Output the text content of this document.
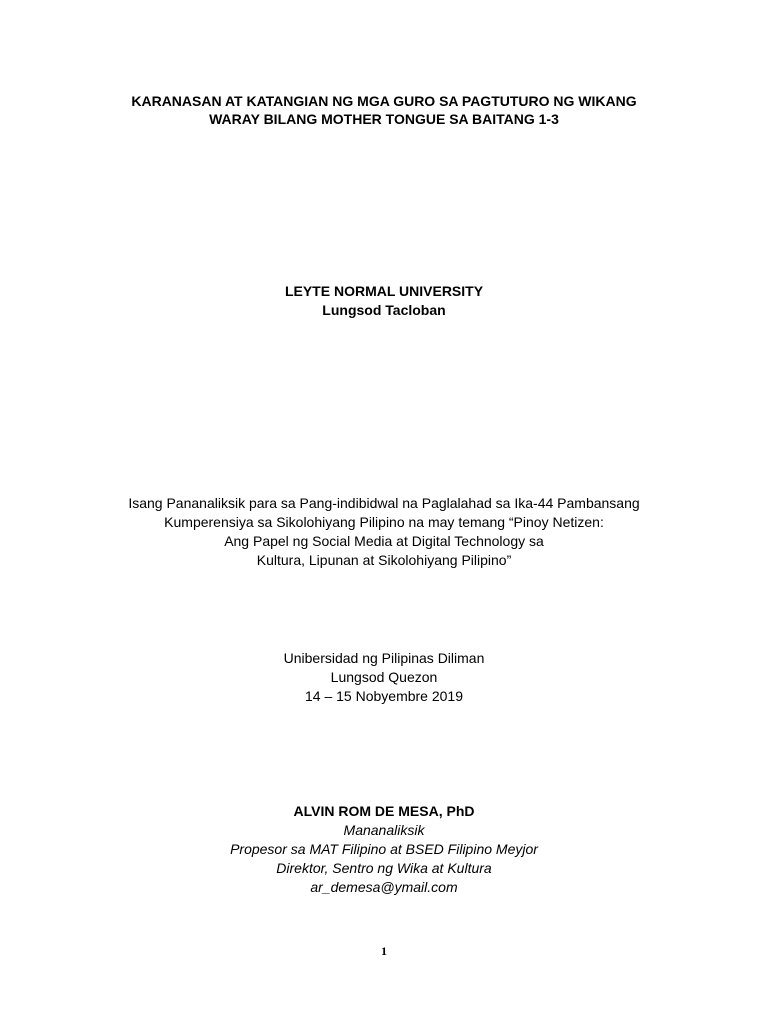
KARANASAN AT KATANGIAN NG MGA GURO SA PAGTUTURO NG WIKANG
WARAY BILANG MOTHER TONGUE SA BAITANG 1-3
LEYTE NORMAL UNIVERSITY
Lungsod Tacloban
Isang Pananaliksik para sa Pang-indibidwal na Paglalahad sa Ika-44 Pambansang
Kumperensiya sa Sikolohiyang Pilipino na may temang “Pinoy Netizen:
Ang Papel ng Social Media at Digital Technology sa
Kultura, Lipunan at Sikolohiyang Pilipino”
Unibersidad ng Pilipinas Diliman
Lungsod Quezon
14 – 15 Nobyembre 2019
ALVIN ROM DE MESA, PhD
Mananaliksik
Propesor sa MAT Filipino at BSED Filipino Meyjor
Direktor, Sentro ng Wika at Kultura
ar_demesa@ymail.com
1
